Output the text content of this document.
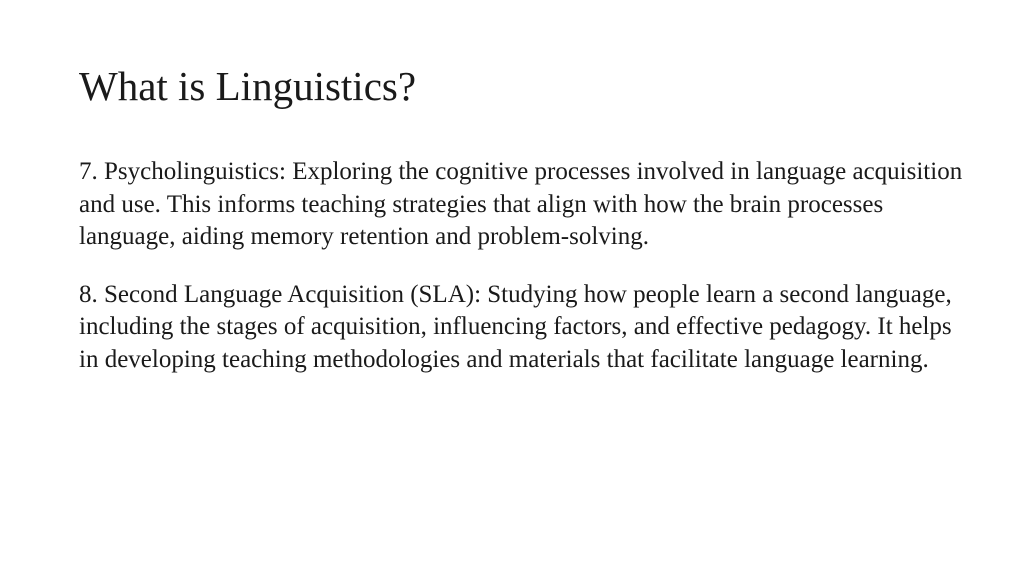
What is Linguistics?

7. Psycholinguistics: Exploring the cognitive processes involved in language acquisition and use. This informs teaching strategies that align with how the brain processes language, aiding memory retention and problem-solving.

8. Second Language Acquisition (SLA): Studying how people learn a second language, including the stages of acquisition, influencing factors, and effective pedagogy. It helps in developing teaching methodologies and materials that facilitate language learning.
